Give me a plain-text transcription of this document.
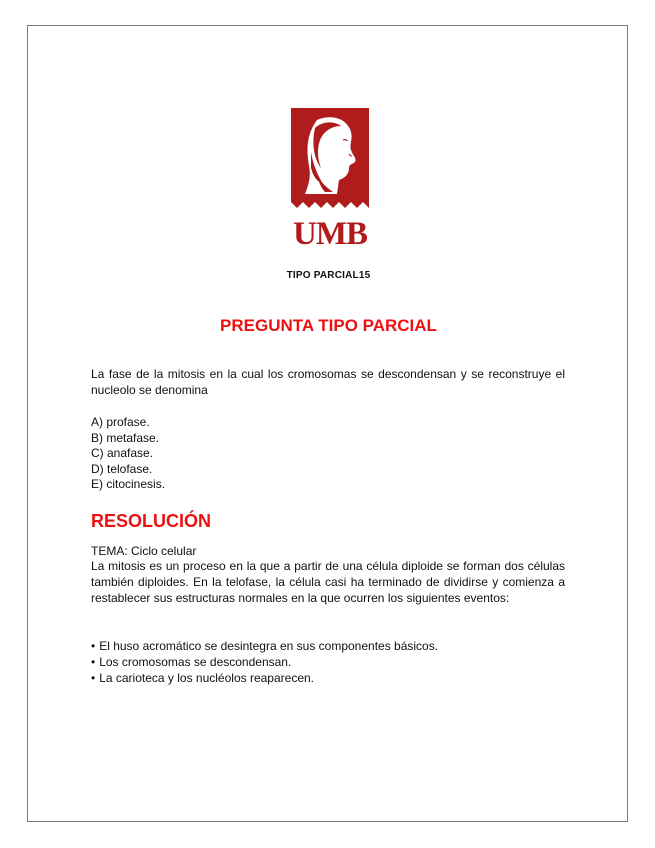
UMB
TIPO PARCIAL15
PREGUNTA TIPO PARCIAL
La fase de la mitosis en la cual los cromosomas se descondensan y se reconstruye el nucleolo se denomina
A) profase.
B) metafase.
C) anafase.
D) telofase.
E) citocinesis.
RESOLUCIÓN
TEMA: Ciclo celular
La mitosis es un proceso en la que a partir de una célula diploide se forman dos células también diploides. En la telofase, la célula casi ha terminado de dividirse y comienza a restablecer sus estructuras normales en la que ocurren los siguientes eventos:
• El huso acromático se desintegra en sus componentes básicos.
• Los cromosomas se descondensan.
• La carioteca y los nucléolos reaparecen.
